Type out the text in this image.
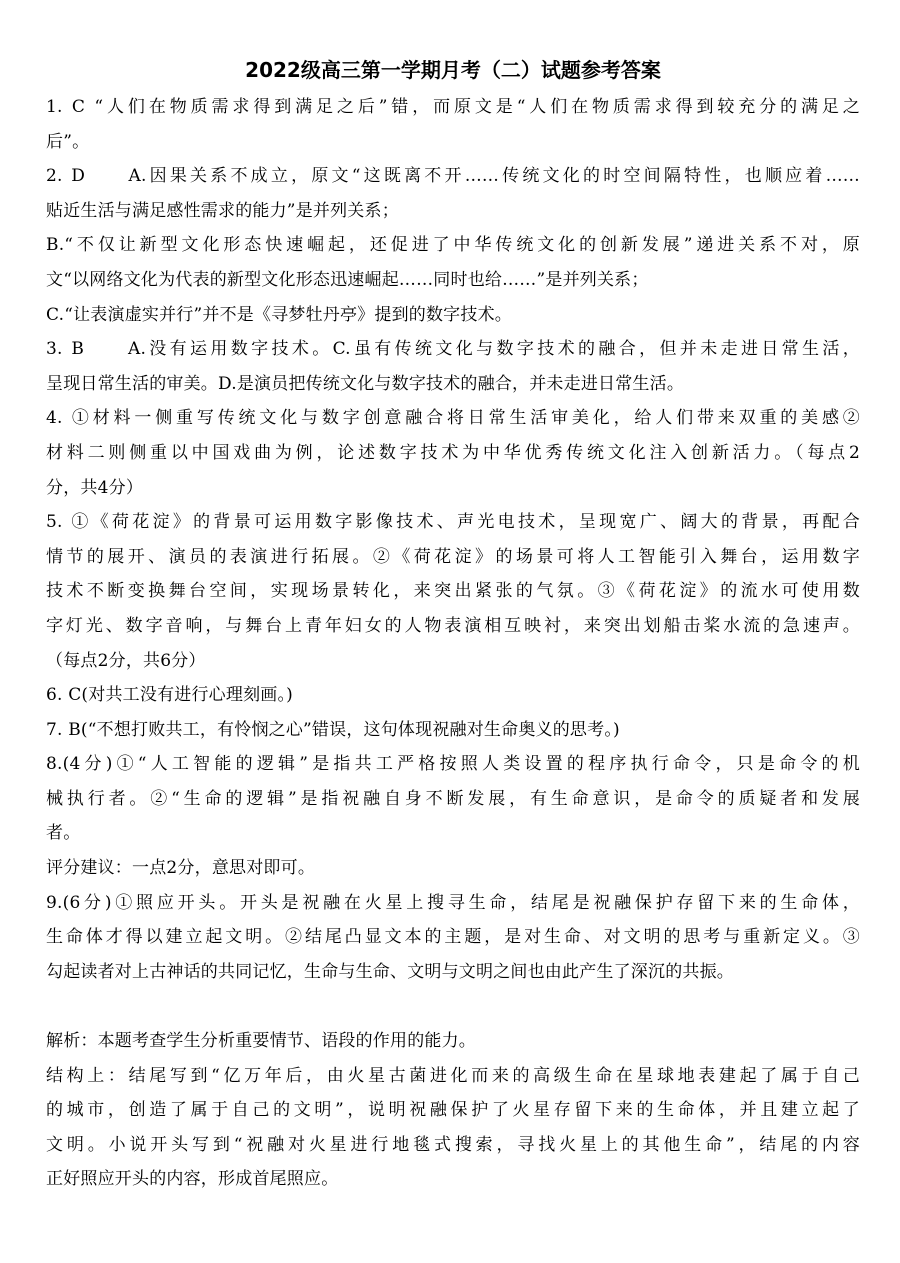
2022级高三第一学期月考（二）试题参考答案
1. C “人们在物质需求得到满足之后”错，而原文是“人们在物质需求得到较充分的满足之
后”。
2. D　　A.因果关系不成立，原文“这既离不开……传统文化的时空间隔特性，也顺应着……
贴近生活与满足感性需求的能力”是并列关系；
B.“不仅让新型文化形态快速崛起，还促进了中华传统文化的创新发展”递进关系不对，原
文“以网络文化为代表的新型文化形态迅速崛起……同时也给……”是并列关系；
C.“让表演虚实并行”并不是《寻梦牡丹亭》提到的数字技术。
3. B　　A.没有运用数字技术。C.虽有传统文化与数字技术的融合，但并未走进日常生活，
呈现日常生活的审美。D.是演员把传统文化与数字技术的融合，并未走进日常生活。
4. ①材料一侧重写传统文化与数字创意融合将日常生活审美化，给人们带来双重的美感②
材料二则侧重以中国戏曲为例，论述数字技术为中华优秀传统文化注入创新活力。（每点2
分，共4分）
5. ①《荷花淀》的背景可运用数字影像技术、声光电技术，呈现宽广、阔大的背景，再配合
情节的展开、演员的表演进行拓展。②《荷花淀》的场景可将人工智能引入舞台，运用数字
技术不断变换舞台空间，实现场景转化，来突出紧张的气氛。③《荷花淀》的流水可使用数
字灯光、数字音响，与舞台上青年妇女的人物表演相互映衬，来突出划船击桨水流的急速声。
（每点2分，共6分）
6. C(对共工没有进行心理刻画。)
7. B(“不想打败共工，有怜悯之心”错误，这句体现祝融对生命奥义的思考。)
8.(4分)①“人工智能的逻辑”是指共工严格按照人类设置的程序执行命令，只是命令的机
械执行者。②“生命的逻辑”是指祝融自身不断发展，有生命意识，是命令的质疑者和发展
者。
评分建议：一点2分，意思对即可。
9.(6分)①照应开头。开头是祝融在火星上搜寻生命，结尾是祝融保护存留下来的生命体，
生命体才得以建立起文明。②结尾凸显文本的主题，是对生命、对文明的思考与重新定义。③
勾起读者对上古神话的共同记忆，生命与生命、文明与文明之间也由此产生了深沉的共振。
解析：本题考查学生分析重要情节、语段的作用的能力。
结构上：结尾写到“亿万年后，由火星古菌进化而来的高级生命在星球地表建起了属于自己
的城市，创造了属于自己的文明”，说明祝融保护了火星存留下来的生命体，并且建立起了
文明。小说开头写到“祝融对火星进行地毯式搜索，寻找火星上的其他生命”，结尾的内容
正好照应开头的内容，形成首尾照应。
